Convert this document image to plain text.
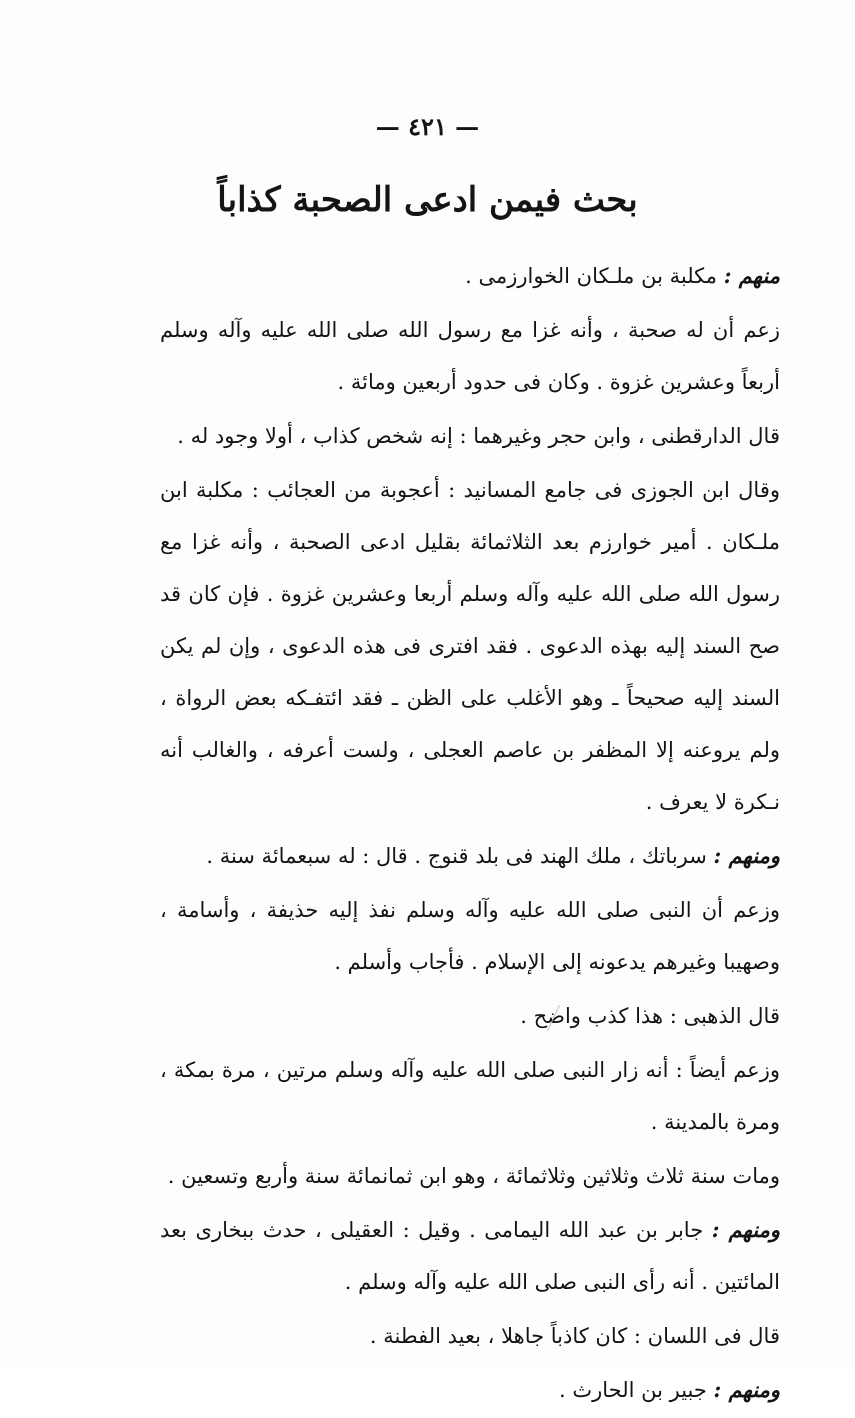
— ٤٢١ —
بحث فيمن ادعى الصحبة كذاباً

منهم : مكلبة بن ملـكان الخوارزمى .

زعم أن له صحبة ، وأنه غزا مع رسول الله صلى الله عليه وآله وسلم أربعاً وعشرين غزوة . وكان فى حدود أربعين ومائة .

قال الدارقطنى ، وابن حجر وغيرهما : إنه شخص كذاب ، أولا وجود له .

وقال ابن الجوزى فى جامع المسانيد : أعجوبة من العجائب : مكلبة ابن ملـكان . أمير خوارزم بعد الثلاثمائة بقليل ادعى الصحبة ، وأنه غزا مع رسول الله صلى الله عليه وآله وسلم أربعا وعشرين غزوة . فإن كان قد صح السند إليه بهذه الدعوى . فقد افترى فى هذه الدعوى ، وإن لم يكن السند إليه صحيحاً ـ وهو الأغلب على الظن ـ فقد ائتفـكه بعض الرواة ، ولم يروعنه إلا المظفر بن عاصم العجلى ، ولست أعرفه ، والغالب أنه نـكرة لا يعرف .

ومنهم : سرباتك ، ملك الهند فى بلد قنوج . قال : له سبعمائة سنة .

وزعم أن النبى صلى الله عليه وآله وسلم نفذ إليه حذيفة ، وأسامة ، وصهيبا وغيرهم يدعونه إلى الإسلام . فأجاب وأسلم .

قال الذهبى : هذا كذب واضح .

وزعم أيضاً : أنه زار النبى صلى الله عليه وآله وسلم مرتين ، مرة بمكة ، ومرة بالمدينة .

ومات سنة ثلاث وثلاثين وثلاثمائة ، وهو ابن ثمانمائة سنة وأربع وتسعين .

ومنهم : جابر بن عبد الله اليمامى . وقيل : العقيلى ، حدث ببخارى بعد المائتين . أنه رأى النبى صلى الله عليه وآله وسلم .

قال فى اللسان : كان كاذباً جاهلا ، بعيد الفطنة .

ومنهم : جبير بن الحارث .
